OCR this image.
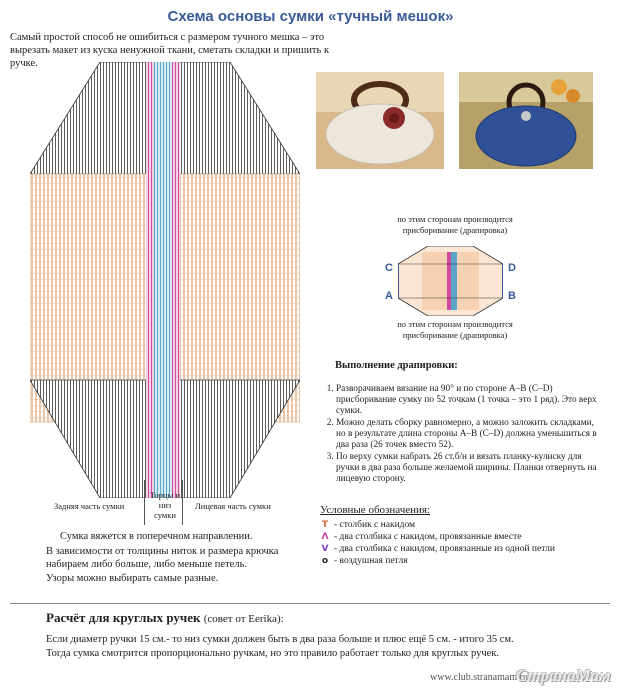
Схема основы сумки «тучный мешок»
Самый простой способ не ошибиться с размером тучного мешка – это вырезать макет из куска ненужной ткани, сметать складки и пришить к ручке.
Задняя часть сумки
Торцы и низ сумки
Лицевая часть сумки
по этим сторонам производится присборивание (драпировка)
C	D
A	B
по этим сторонам производится присборивание (драпировка)
Выполнение драпировки:
1. Разворачиваем вязание на 90° и по стороне А–В (С–D) присборивание сумку по 52 точкам (1 точка – это 1 ряд). Это верх сумки.
2. Можно делать сборку равномерно, а можно заложить складками, но в результате длина стороны А–В (С–D) должна уменьшиться в два раза (26 точек вместо 52).
3. По верху сумки набрать 26 ст.б/н и вязать планку-кулиску для ручки в два раза больше желаемой ширины. Планки отвернуть на лицевую сторону.
Условные обозначения:
T - столбик с накидом
Λ - два столбика с накидом, провязанные вместе
V - два столбика с накидом, провязанные из одной петли
o - воздушная петля
Сумка вяжется в поперечном направлении.
В зависимости от толщины ниток и размера крючка набираем либо больше, либо меньше петель.
Узоры можно выбирать самые разные.
Расчёт для круглых ручек (совет от Eerika):
Если диаметр ручки 15 см.- то низ сумки должен быть в два раза больше и плюс ещё 5 см. - итого 35 см.
Тогда сумка смотрится пропорционально ручкам, но это правило работает только для круглых ручек.
www.club.stranamam.ru
СтранаМам
